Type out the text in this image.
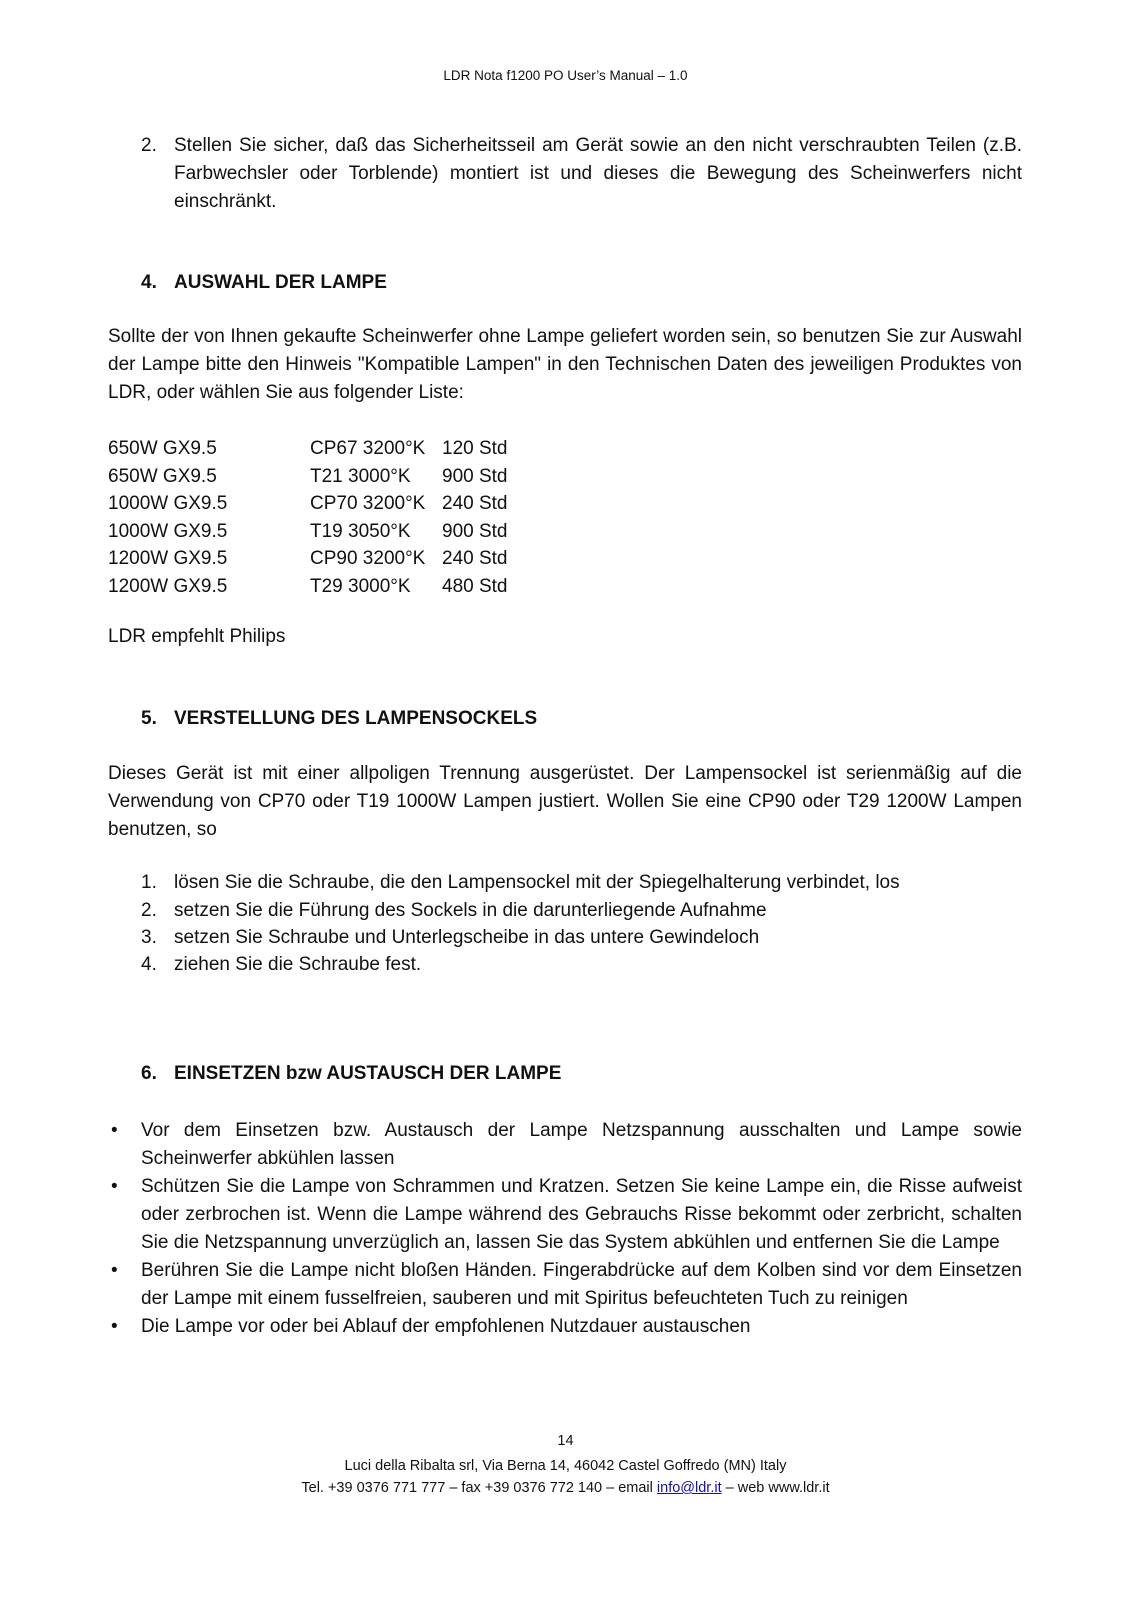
LDR Nota f1200 PO User’s Manual – 1.0
2. Stellen Sie sicher, daß das Sicherheitsseil am Gerät sowie an den nicht verschraubten Teilen (z.B. Farbwechsler oder Torblende) montiert ist und dieses die Bewegung des Scheinwerfers nicht einschränkt.
4. AUSWAHL DER LAMPE
Sollte der von Ihnen gekaufte Scheinwerfer ohne Lampe geliefert worden sein, so benutzen Sie zur Auswahl der Lampe bitte den Hinweis "Kompatible Lampen" in den Technischen Daten des jeweiligen Produktes von LDR, oder wählen Sie aus folgender Liste:
650W GX9.5	CP67 3200°K 120 Std
650W GX9.5	T21 3000°K	900 Std
1000W GX9.5	CP70 3200°K 240 Std
1000W GX9.5	T19 3050°K	900 Std
1200W GX9.5	CP90 3200°K 240 Std
1200W GX9.5	T29 3000°K	480 Std
LDR empfehlt Philips
5. VERSTELLUNG DES LAMPENSOCKELS
Dieses Gerät ist mit einer allpoligen Trennung ausgerüstet. Der Lampensockel ist serienmäßig auf die Verwendung von CP70 oder T19 1000W Lampen justiert. Wollen Sie eine CP90 oder T29 1200W Lampen benutzen, so
1. lösen Sie die Schraube, die den Lampensockel mit der Spiegelhalterung verbindet, los
2. setzen Sie die Führung des Sockels in die darunterliegende Aufnahme
3. setzen Sie Schraube und Unterlegscheibe in das untere Gewindeloch
4. ziehen Sie die Schraube fest.
6. EINSETZEN bzw AUSTAUSCH DER LAMPE
• Vor dem Einsetzen bzw. Austausch der Lampe Netzspannung ausschalten und Lampe sowie Scheinwerfer abkühlen lassen
• Schützen Sie die Lampe von Schrammen und Kratzen. Setzen Sie keine Lampe ein, die Risse aufweist oder zerbrochen ist. Wenn die Lampe während des Gebrauchs Risse bekommt oder zerbricht, schalten Sie die Netzspannung unverzüglich an, lassen Sie das System abkühlen und entfernen Sie die Lampe
• Berühren Sie die Lampe nicht bloßen Händen. Fingerabdrücke auf dem Kolben sind vor dem Einsetzen der Lampe mit einem fusselfreien, sauberen und mit Spiritus befeuchteten Tuch zu reinigen
• Die Lampe vor oder bei Ablauf der empfohlenen Nutzdauer austauschen
14
Luci della Ribalta srl, Via Berna 14, 46042 Castel Goffredo (MN) Italy
Tel. +39 0376 771 777 – fax +39 0376 772 140 – email info@ldr.it – web www.ldr.it
